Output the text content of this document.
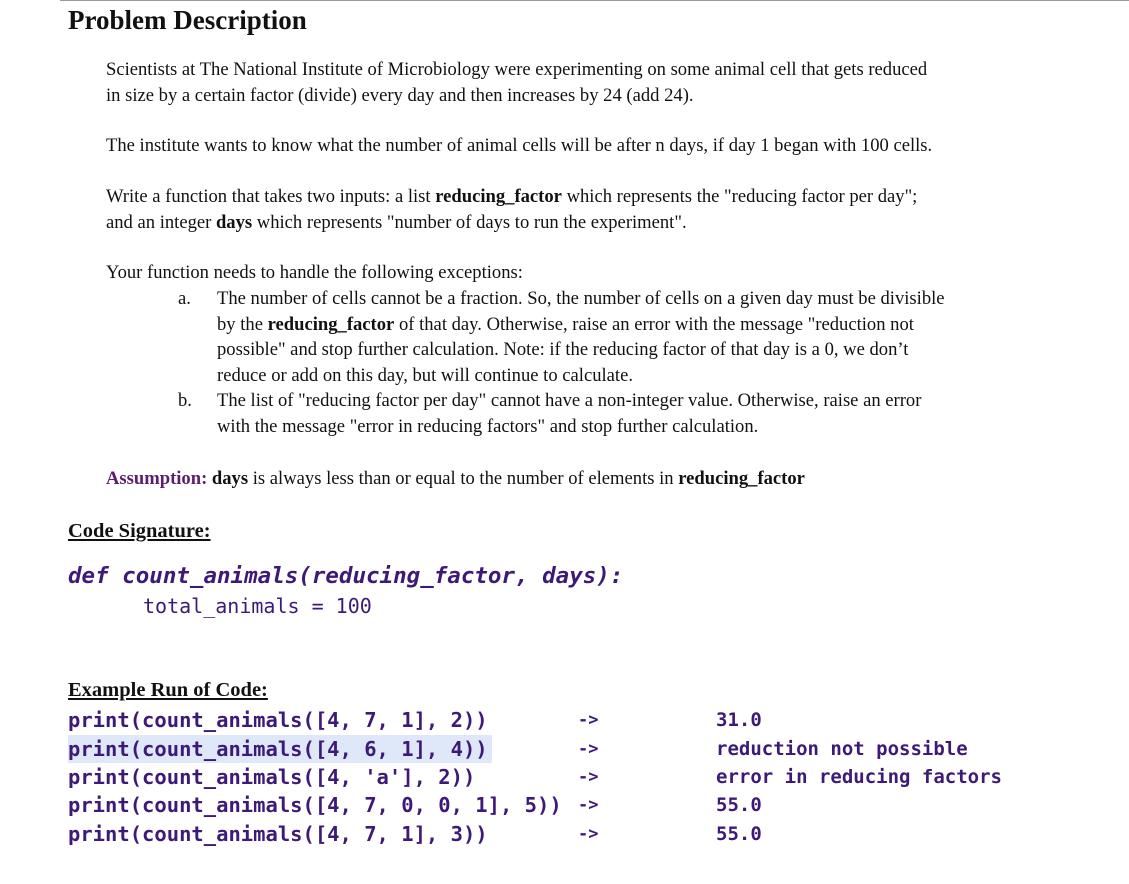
Problem Description
Scientists at The National Institute of Microbiology were experimenting on some animal cell that gets reduced
in size by a certain factor (divide) every day and then increases by 24 (add 24).
The institute wants to know what the number of animal cells will be after n days, if day 1 began with 100 cells.
Write a function that takes two inputs: a list reducing_factor which represents the "reducing factor per day";
and an integer days which represents "number of days to run the experiment".
Your function needs to handle the following exceptions:
a. The number of cells cannot be a fraction. So, the number of cells on a given day must be divisible
by the reducing_factor of that day. Otherwise, raise an error with the message "reduction not
possible" and stop further calculation. Note: if the reducing factor of that day is a 0, we don’t
reduce or add on this day, but will continue to calculate.
b. The list of "reducing factor per day" cannot have a non-integer value. Otherwise, raise an error
with the message "error in reducing factors" and stop further calculation.
Assumption: days is always less than or equal to the number of elements in reducing_factor
Code Signature:
def count_animals(reducing_factor, days):
total_animals = 100
Example Run of Code:
print(count_animals([4, 7, 1], 2))	->	31.0
print(count_animals([4, 6, 1], 4))	->	reduction not possible
print(count_animals([4, 'a'], 2))	->	error in reducing factors
print(count_animals([4, 7, 0, 0, 1], 5)) ->	55.0
print(count_animals([4, 7, 1], 3))	->	55.0
